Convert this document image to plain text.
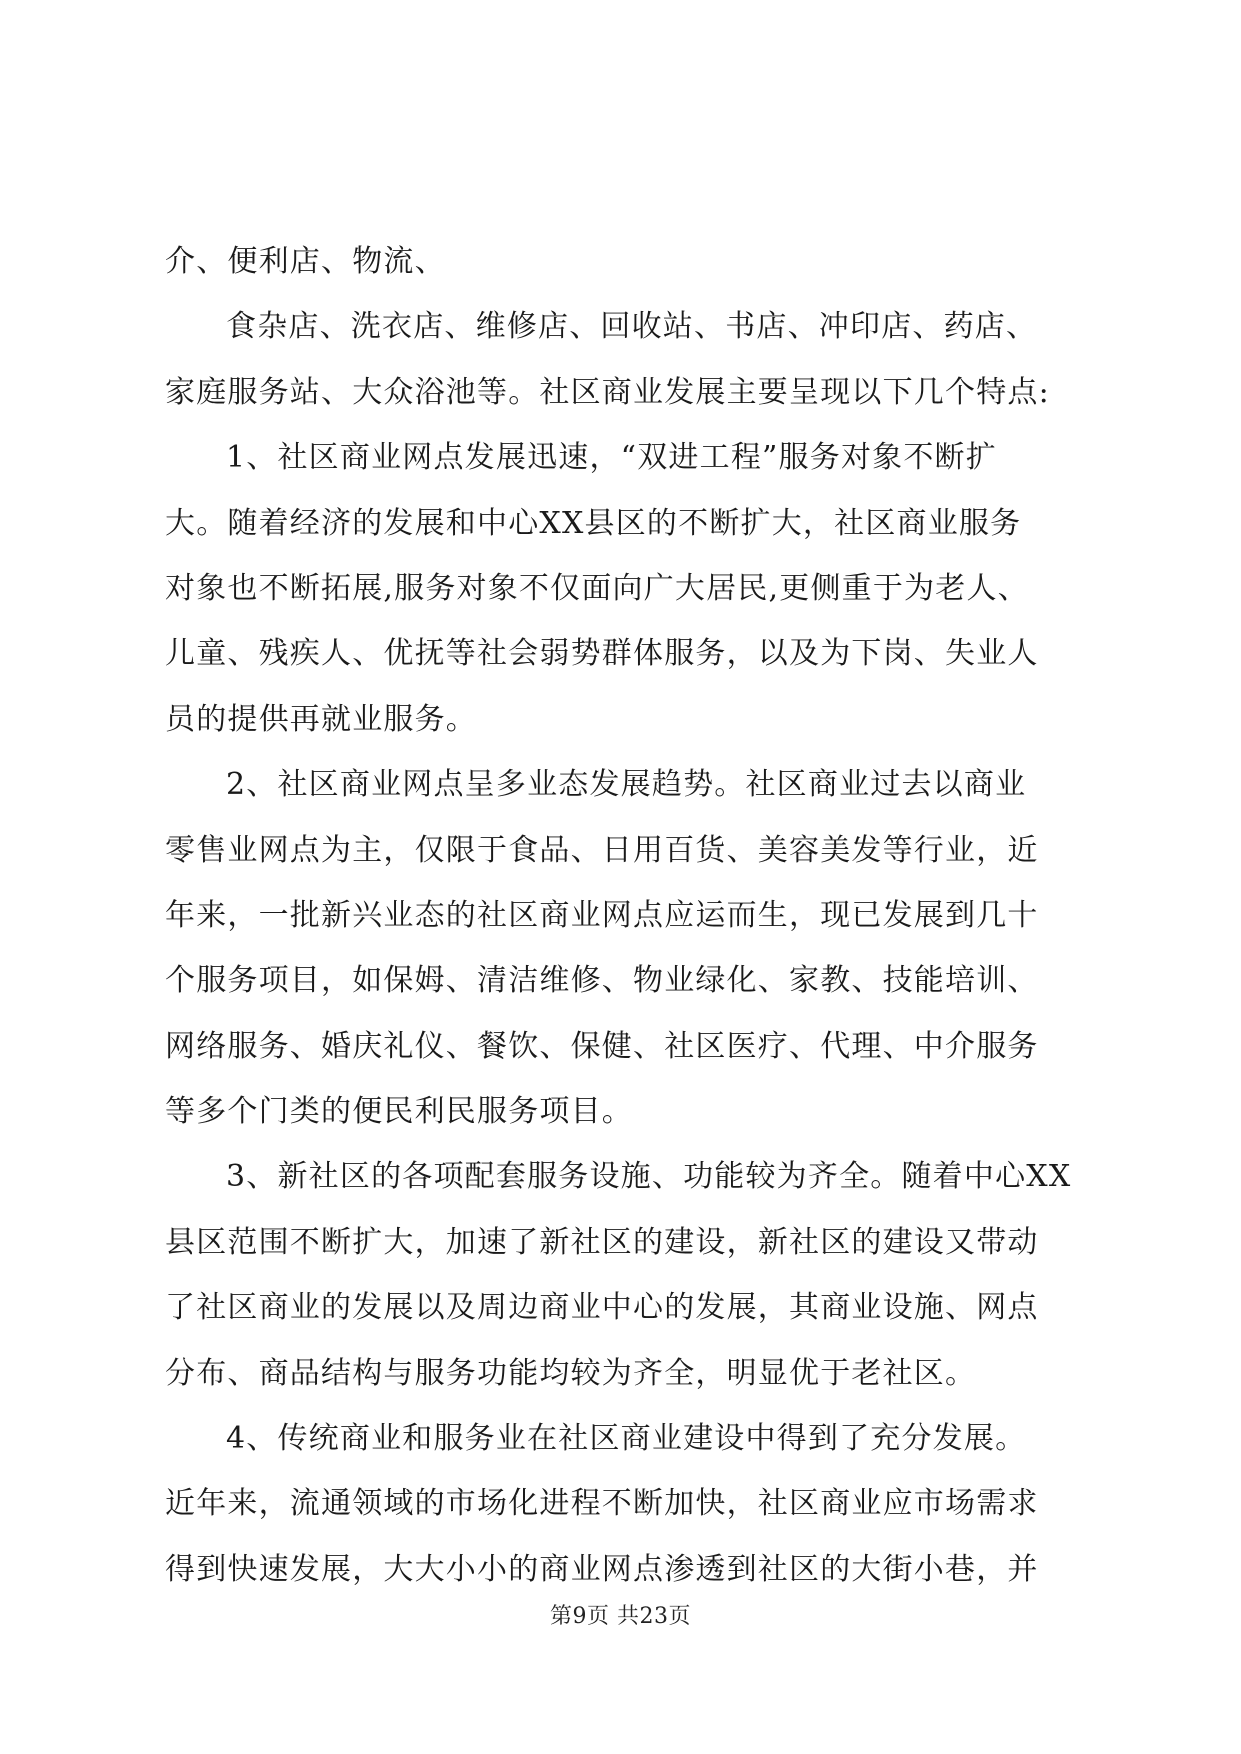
介、便利店、物流、
食杂店、洗衣店、维修店、回收站、书店、冲印店、药店、
家庭服务站、大众浴池等。社区商业发展主要呈现以下几个特点:
1、社区商业网点发展迅速，“双进工程”服务对象不断扩
大。随着经济的发展和中心XX县区的不断扩大，社区商业服务
对象也不断拓展,服务对象不仅面向广大居民,更侧重于为老人、
儿童、残疾人、优抚等社会弱势群体服务，以及为下岗、失业人
员的提供再就业服务。
2、社区商业网点呈多业态发展趋势。社区商业过去以商业
零售业网点为主，仅限于食品、日用百货、美容美发等行业，近
年来，一批新兴业态的社区商业网点应运而生，现已发展到几十
个服务项目，如保姆、清洁维修、物业绿化、家教、技能培训、
网络服务、婚庆礼仪、餐饮、保健、社区医疗、代理、中介服务
等多个门类的便民利民服务项目。
3、新社区的各项配套服务设施、功能较为齐全。随着中心XX
县区范围不断扩大，加速了新社区的建设，新社区的建设又带动
了社区商业的发展以及周边商业中心的发展，其商业设施、网点
分布、商品结构与服务功能均较为齐全，明显优于老社区。
4、传统商业和服务业在社区商业建设中得到了充分发展。
近年来，流通领域的市场化进程不断加快，社区商业应市场需求
得到快速发展，大大小小的商业网点渗透到社区的大街小巷，并
第9页 共23页
